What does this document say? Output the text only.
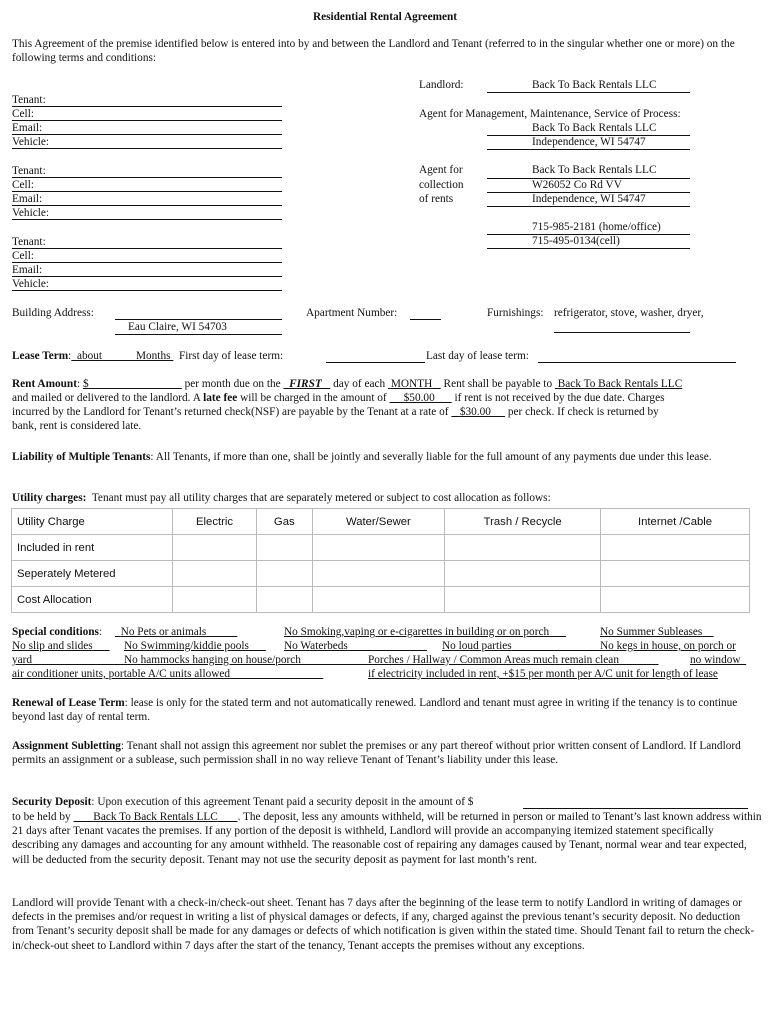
Residential Rental Agreement
This Agreement of the premise identified below is entered into by and between the Landlord and Tenant (referred to in the singular whether one or more) on the following terms and conditions:
Landlord:	Back To Back Rentals LLC
Agent for Management, Maintenance, Service of Process:
Back To Back Rentals LLC
Independence, WI 54747
Agent for
collection
of rents
Back To Back Rentals LLC
W26052 Co Rd VV
Independence, WI 54747
715-985-2181 (home/office)
715-495-0134(cell)
Tenant:
Cell:
Email:
Vehicle:
Tenant:
Cell:
Email:
Vehicle:
Tenant:
Cell:
Email:
Vehicle:
Building Address:
Eau Claire, WI 54703
Apartment Number:	Furnishings: refrigerator, stove, washer, dryer,
Lease Term: about	Months First day of lease term:	Last day of lease term:
Rent Amount: $	per month due on the FIRST day of each MONTH Rent shall be payable to Back To Back Rentals LLC
and mailed or delivered to the landlord. A late fee will be charged in the amount of $50.00 if rent is not received by the due date. Charges
incurred by the Landlord for Tenant’s returned check(NSF) are payable by the Tenant at a rate of $30.00 per check. If check is returned by
bank, rent is considered late.
Liability of Multiple Tenants: All Tenants, if more than one, shall be jointly and severally liable for the full amount of any payments due under this lease.
Utility charges: Tenant must pay all utility charges that are separately metered or subject to cost allocation as follows:
Utility Charge	Electric	Gas	Water/Sewer	Trash / Recycle	Internet /Cable
Included in rent					
Seperately Metered					
Cost Allocation					
Special conditions:	No Pets or animals	No Smoking,vaping or e-cigarettes in building or on porch	No Summer Subleases
No slip and slides	No Swimming/kiddie pools	No Waterbeds	No loud parties	No kegs in house, on porch or
yard	No hammocks hanging on house/porch	Porches / Hallway / Common Areas much remain clean	no window
air conditioner units, portable A/C units allowed	if electricity included in rent, +$15 per month per A/C unit for length of lease
Renewal of Lease Term: lease is only for the stated term and not automatically renewed. Landlord and tenant must agree in writing if the tenancy is to continue beyond last day of rental term.
Assignment Subletting: Tenant shall not assign this agreement nor sublet the premises or any part thereof without prior written consent of Landlord. If Landlord permits an assignment or a sublease, such permission shall in no way relieve Tenant of Tenant’s liability under this lease.
Security Deposit: Upon execution of this agreement Tenant paid a security deposit in the amount of $
to be held by Back To Back Rentals LLC . The deposit, less any amounts withheld, will be returned in person or mailed to Tenant’s last known address within 21 days after Tenant vacates the premises. If any portion of the deposit is withheld, Landlord will provide an accompanying itemized statement specifically describing any damages and accounting for any amount withheld. The reasonable cost of repairing any damages caused by Tenant, normal wear and tear expected, will be deducted from the security deposit. Tenant may not use the security deposit as payment for last month’s rent.
Landlord will provide Tenant with a check-in/check-out sheet. Tenant has 7 days after the beginning of the lease term to notify Landlord in writing of damages or defects in the premises and/or request in writing a list of physical damages or defects, if any, charged against the previous tenant’s security deposit. No deduction from Tenant’s security deposit shall be made for any damages or defects of which notification is given within the stated time. Should Tenant fail to return the check-in/check-out sheet to Landlord within 7 days after the start of the tenancy, Tenant accepts the premises without any exceptions.
